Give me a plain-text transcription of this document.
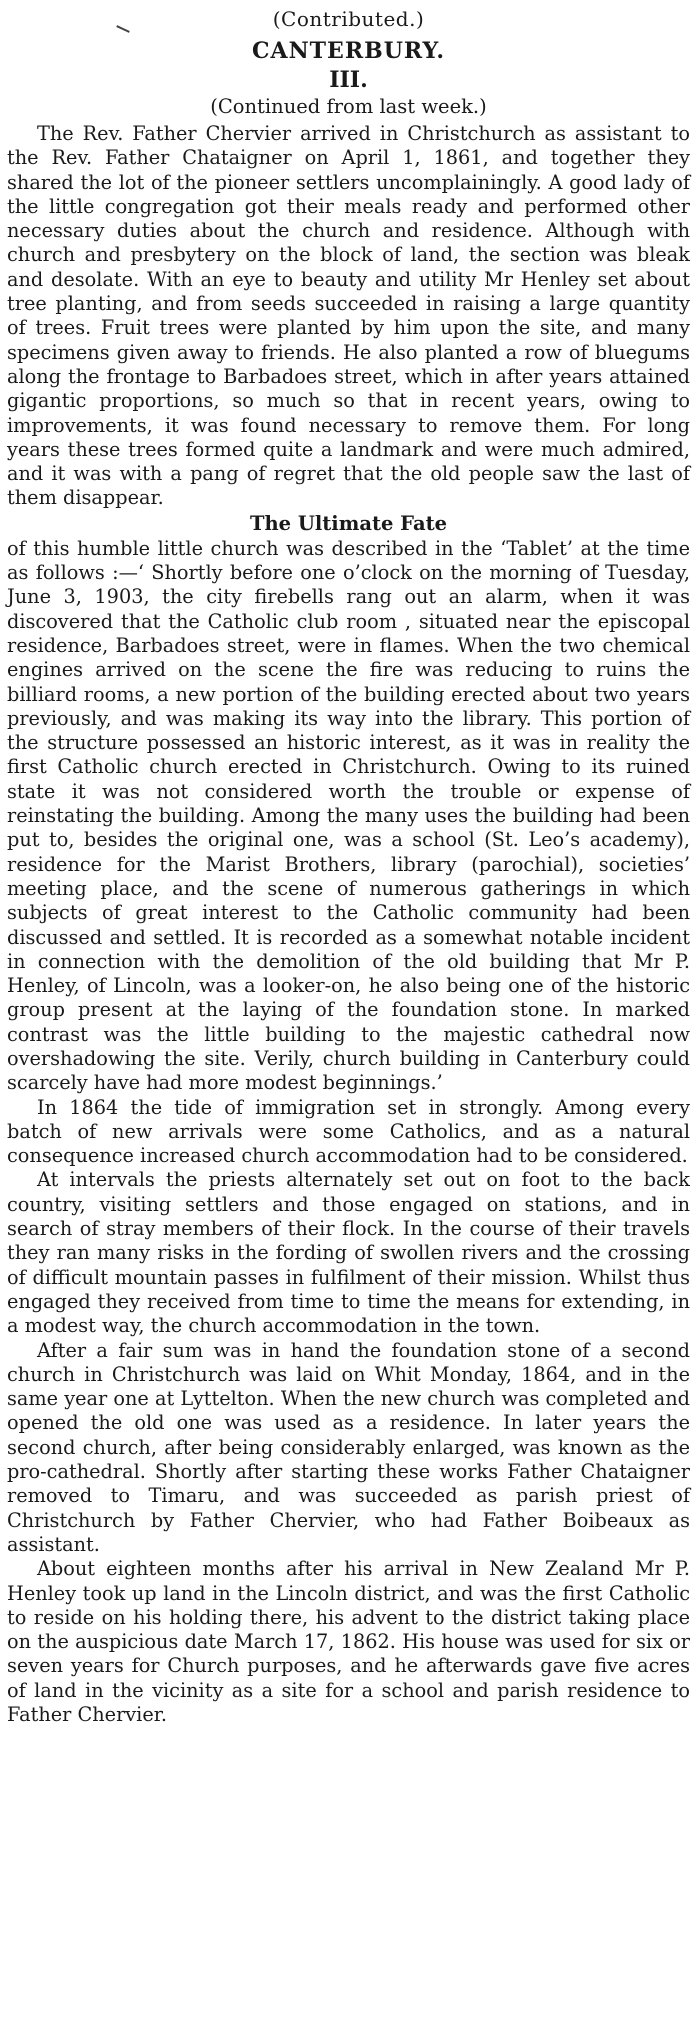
(Contributed.)

CANTERBURY.
III.

(Continued from last week.)

The Rev. Father Chervier arrived in Christchurch as assistant to the Rev. Father Chataigner on April 1, 1861, and together they shared the lot of the pioneer settlers uncomplainingly. A good lady of the little congregation got their meals ready and performed other necessary duties about the church and residence. Although with church and presbytery on the block of land, the section was bleak and desolate. With an eye to beauty and utility Mr Henley set about tree planting, and from seeds succeeded in raising a large quantity of trees. Fruit trees were planted by him upon the site, and many specimens given away to friends. He also planted a row of bluegums along the frontage to Barbadoes street, which in after years attained gigantic proportions, so much so that in recent years, owing to improvements, it was found necessary to remove them. For long years these trees formed quite a landmark and were much admired, and it was with a pang of regret that the old people saw the last of them disappear.

The Ultimate Fate

of this humble little church was described in the ‘Tablet’ at the time as follows :—‘ Shortly before one o’clock on the morning of Tuesday, June 3, 1903, the city firebells rang out an alarm, when it was discovered that the Catholic club room , situated near the episcopal residence, Barbadoes street, were in flames. When the two chemical engines arrived on the scene the fire was reducing to ruins the billiard rooms, a new portion of the building erected about two years previously, and was making its way into the library. This portion of the structure possessed an historic interest, as it was in reality the first Catholic church erected in Christchurch. Owing to its ruined state it was not considered worth the trouble or expense of reinstating the building. Among the many uses the building had been put to, besides the original one, was a school (St. Leo’s academy), residence for the Marist Brothers, library (parochial), societies’ meeting place, and the scene of numerous gatherings in which subjects of great interest to the Catholic community had been discussed and settled. It is recorded as a somewhat notable incident in connection with the demolition of the old building that Mr P. Henley, of Lincoln, was a looker-on, he also being one of the historic group present at the laying of the foundation stone. In marked contrast was the little building to the majestic cathedral now overshadowing the site. Verily, church building in Canterbury could scarcely have had more modest beginnings.’

In 1864 the tide of immigration set in strongly. Among every batch of new arrivals were some Catholics, and as a natural consequence increased church accommodation had to be considered.

At intervals the priests alternately set out on foot to the back country, visiting settlers and those engaged on stations, and in search of stray members of their flock. In the course of their travels they ran many risks in the fording of swollen rivers and the crossing of difficult mountain passes in fulfilment of their mission. Whilst thus engaged they received from time to time the means for extending, in a modest way, the church accommodation in the town.

After a fair sum was in hand the foundation stone of a second church in Christchurch was laid on Whit Monday, 1864, and in the same year one at Lyttelton. When the new church was completed and opened the old one was used as a residence. In later years the second church, after being considerably enlarged, was known as the pro-cathedral. Shortly after starting these works Father Chataigner removed to Timaru, and was succeeded as parish priest of Christchurch by Father Chervier, who had Father Boibeaux as assistant.

About eighteen months after his arrival in New Zealand Mr P. Henley took up land in the Lincoln district, and was the first Catholic to reside on his holding there, his advent to the district taking place on the auspicious date March 17, 1862. His house was used for six or seven years for Church purposes, and he afterwards gave five acres of land in the vicinity as a site for a school and parish residence to Father Chervier.
